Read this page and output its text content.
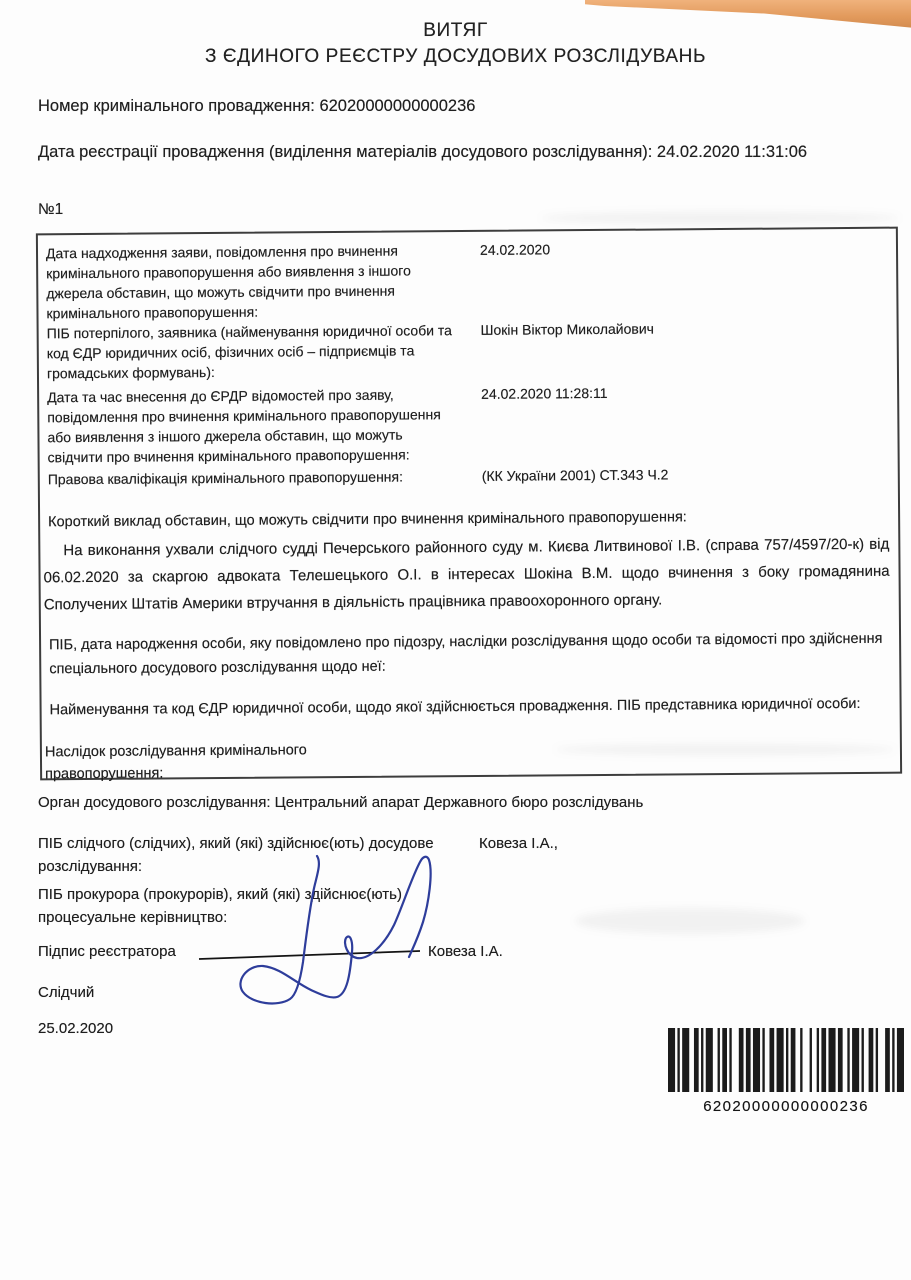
ВИТЯГ
З ЄДИНОГО РЕЄСТРУ ДОСУДОВИХ РОЗСЛІДУВАНЬ
Номер кримінального провадження: 62020000000000236
Дата реєстрації провадження (виділення матеріалів досудового розслідування): 24.02.2020 11:31:06
№1
Дата надходження заяви, повідомлення про вчинення кримінального правопорушення або виявлення з іншого джерела обставин, що можуть свідчити про вчинення кримінального правопорушення:
24.02.2020
ПІБ потерпілого, заявника (найменування юридичної особи та код ЄДР юридичних осіб, фізичних осіб – підприємців та громадських формувань):
Шокін Віктор Миколайович
Дата та час внесення до ЄРДР відомостей про заяву, повідомлення про вчинення кримінального правопорушення або виявлення з іншого джерела обставин, що можуть свідчити про вчинення кримінального правопорушення:
24.02.2020 11:28:11
Правова кваліфікація кримінального правопорушення:	(КК України 2001) СТ.343 Ч.2
Короткий виклад обставин, що можуть свідчити про вчинення кримінального правопорушення:
На виконання ухвали слідчого судді Печерського районного суду м. Києва Литвинової І.В. (справа 757/4597/20-к) від 06.02.2020 за скаргою адвоката Телешецького О.І. в інтересах Шокіна В.М. щодо вчинення з боку громадянина Сполучених Штатів Америки втручання в діяльність працівника правоохоронного органу.
ПІБ, дата народження особи, яку повідомлено про підозру, наслідки розслідування щодо особи та відомості про здійснення спеціального досудового розслідування щодо неї:
Найменування та код ЄДР юридичної особи, щодо якої здійснюється провадження. ПІБ представника юридичної особи:
Наслідок розслідування кримінального правопорушення:
Орган досудового розслідування: Центральний апарат Державного бюро розслідувань
ПІБ слідчого (слідчих), який (які) здійснює(ють) досудове розслідування:
Ковеза І.А.,
ПІБ прокурора (прокурорів), який (які) здійснює(ють) процесуальне керівництво:
Підпис реєстратора	Ковеза І.А.
Слідчий
25.02.2020
62020000000000236
